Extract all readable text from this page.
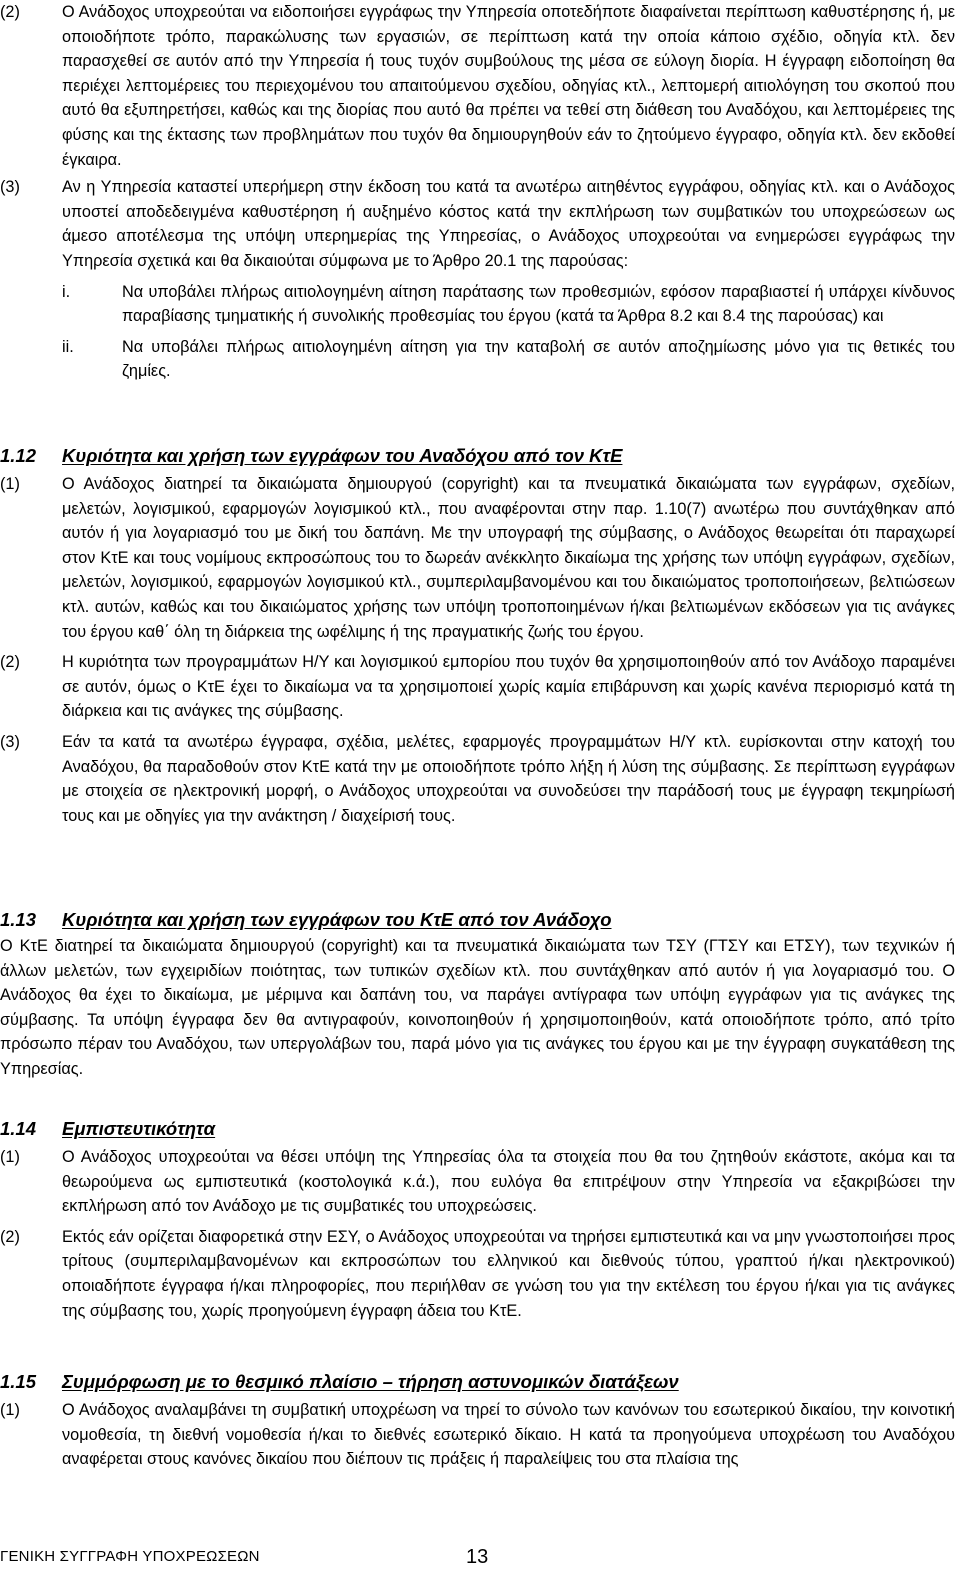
(2)	Ο Ανάδοχος υποχρεούται να ειδοποιήσει εγγράφως την Υπηρεσία οποτεδήποτε διαφαίνεται περίπτωση καθυστέρησης ή, με οποιοδήποτε τρόπο, παρακώλυσης των εργασιών, σε περίπτωση κατά την οποία κάποιο σχέδιο, οδηγία κτλ. δεν παρασχεθεί σε αυτόν από την Υπηρεσία ή τους τυχόν συμβούλους της μέσα σε εύλογη διορία. Η έγγραφη ειδοποίηση θα περιέχει λεπτομέρειες του περιεχομένου του απαιτούμενου σχεδίου, οδηγίας κτλ., λεπτομερή αιτιολόγηση του σκοπού που αυτό θα εξυπηρετήσει, καθώς και της διορίας που αυτό θα πρέπει να τεθεί στη διάθεση του Αναδόχου, και λεπτομέρειες της φύσης και της έκτασης των προβλημάτων που τυχόν θα δημιουργηθούν εάν το ζητούμενο έγγραφο, οδηγία κτλ. δεν εκδοθεί έγκαιρα.
(3)	Αν η Υπηρεσία καταστεί υπερήμερη στην έκδοση του κατά τα ανωτέρω αιτηθέντος εγγράφου, οδηγίας κτλ. και ο Ανάδοχος υποστεί αποδεδειγμένα καθυστέρηση ή αυξημένο κόστος κατά την εκπλήρωση των συμβατικών του υποχρεώσεων ως άμεσο αποτέλεσμα της υπόψη υπερημερίας της Υπηρεσίας, ο Ανάδοχος υποχρεούται να ενημερώσει εγγράφως την Υπηρεσία σχετικά και θα δικαιούται σύμφωνα με το Άρθρο 20.1 της παρούσας:
i.	Να υποβάλει πλήρως αιτιολογημένη αίτηση παράτασης των προθεσμιών, εφόσον παραβιαστεί ή υπάρχει κίνδυνος παραβίασης τμηματικής ή συνολικής προθεσμίας του έργου (κατά τα Άρθρα 8.2 και 8.4 της παρούσας) και
ii.	Να υποβάλει πλήρως αιτιολογημένη αίτηση για την καταβολή σε αυτόν αποζημίωσης μόνο για τις θετικές του ζημίες.
1.12	Κυριότητα και χρήση των εγγράφων του Αναδόχου από τον ΚτΕ
(1)	Ο Ανάδοχος διατηρεί τα δικαιώματα δημιουργού (copyright) και τα πνευματικά δικαιώματα των εγγράφων, σχεδίων, μελετών, λογισμικού, εφαρμογών λογισμικού κτλ., που αναφέρονται στην παρ. 1.10(7) ανωτέρω που συντάχθηκαν από αυτόν ή για λογαριασμό του με δική του δαπάνη. Με την υπογραφή της σύμβασης, ο Ανάδοχος θεωρείται ότι παραχωρεί στον ΚτΕ και τους νομίμους εκπροσώπους του το δωρεάν ανέκκλητο δικαίωμα της χρήσης των υπόψη εγγράφων, σχεδίων, μελετών, λογισμικού, εφαρμογών λογισμικού κτλ., συμπεριλαμβανομένου και του δικαιώματος τροποποιήσεων, βελτιώσεων κτλ. αυτών, καθώς και του δικαιώματος χρήσης των υπόψη τροποποιημένων ή/και βελτιωμένων εκδόσεων για τις ανάγκες του έργου καθ΄ όλη τη διάρκεια της ωφέλιμης ή της πραγματικής ζωής του έργου.
(2)	Η κυριότητα των προγραμμάτων Η/Υ και λογισμικού εμπορίου που τυχόν θα χρησιμοποιηθούν από τον Ανάδοχο παραμένει σε αυτόν, όμως ο ΚτΕ έχει το δικαίωμα να τα χρησιμοποιεί χωρίς καμία επιβάρυνση και χωρίς κανένα περιορισμό κατά τη διάρκεια και τις ανάγκες της σύμβασης.
(3)	Εάν τα κατά τα ανωτέρω έγγραφα, σχέδια, μελέτες, εφαρμογές προγραμμάτων Η/Υ κτλ. ευρίσκονται στην κατοχή του Αναδόχου, θα παραδοθούν στον ΚτΕ κατά την με οποιοδήποτε τρόπο λήξη ή λύση της σύμβασης. Σε περίπτωση εγγράφων με στοιχεία σε ηλεκτρονική μορφή, ο Ανάδοχος υποχρεούται να συνοδεύσει την παράδοσή τους με έγγραφη τεκμηρίωσή τους και με οδηγίες για την ανάκτηση / διαχείρισή τους.
1.13	Κυριότητα και χρήση των εγγράφων του ΚτΕ από τον Ανάδοχο
Ο ΚτΕ διατηρεί τα δικαιώματα δημιουργού (copyright) και τα πνευματικά δικαιώματα των ΤΣΥ (ΓΤΣΥ και ΕΤΣΥ), των τεχνικών ή άλλων μελετών, των εγχειριδίων ποιότητας, των τυπικών σχεδίων κτλ. που συντάχθηκαν από αυτόν ή για λογαριασμό του. Ο Ανάδοχος θα έχει το δικαίωμα, με μέριμνα και δαπάνη του, να παράγει αντίγραφα των υπόψη εγγράφων για τις ανάγκες της σύμβασης. Τα υπόψη έγγραφα δεν θα αντιγραφούν, κοινοποιηθούν ή χρησιμοποιηθούν, κατά οποιοδήποτε τρόπο, από τρίτο πρόσωπο πέραν του Αναδόχου, των υπεργολάβων του, παρά μόνο για τις ανάγκες του έργου και με την έγγραφη συγκατάθεση της Υπηρεσίας.
1.14	Εμπιστευτικότητα
(1)	Ο Ανάδοχος υποχρεούται να θέσει υπόψη της Υπηρεσίας όλα τα στοιχεία που θα του ζητηθούν εκάστοτε, ακόμα και τα θεωρούμενα ως εμπιστευτικά (κοστολογικά κ.ά.), που ευλόγα θα επιτρέψουν στην Υπηρεσία να εξακριβώσει την εκπλήρωση από τον Ανάδοχο με τις συμβατικές του υποχρεώσεις.
(2)	Εκτός εάν ορίζεται διαφορετικά στην ΕΣΥ, ο Ανάδοχος υποχρεούται να τηρήσει εμπιστευτικά και να μην γνωστοποιήσει προς τρίτους (συμπεριλαμβανομένων και εκπροσώπων του ελληνικού και διεθνούς τύπου, γραπτού ή/και ηλεκτρονικού) οποιαδήποτε έγγραφα ή/και πληροφορίες, που περιήλθαν σε γνώση του για την εκτέλεση του έργου ή/και για τις ανάγκες της σύμβασης του, χωρίς προηγούμενη έγγραφη άδεια του ΚτΕ.
1.15	Συμμόρφωση με το θεσμικό πλαίσιο – τήρηση αστυνομικών διατάξεων
(1)	Ο Ανάδοχος αναλαμβάνει τη συμβατική υποχρέωση να τηρεί το σύνολο των κανόνων του εσωτερικού δικαίου, την κοινοτική νομοθεσία, τη διεθνή νομοθεσία ή/και το διεθνές εσωτερικό δίκαιο. Η κατά τα προηγούμενα υποχρέωση του Αναδόχου αναφέρεται στους κανόνες δικαίου που διέπουν τις πράξεις ή παραλείψεις του στα πλαίσια της
ΓΕΝΙΚΗ ΣΥΓΓΡΑΦΗ ΥΠΟΧΡΕΩΣΕΩΝ	13
